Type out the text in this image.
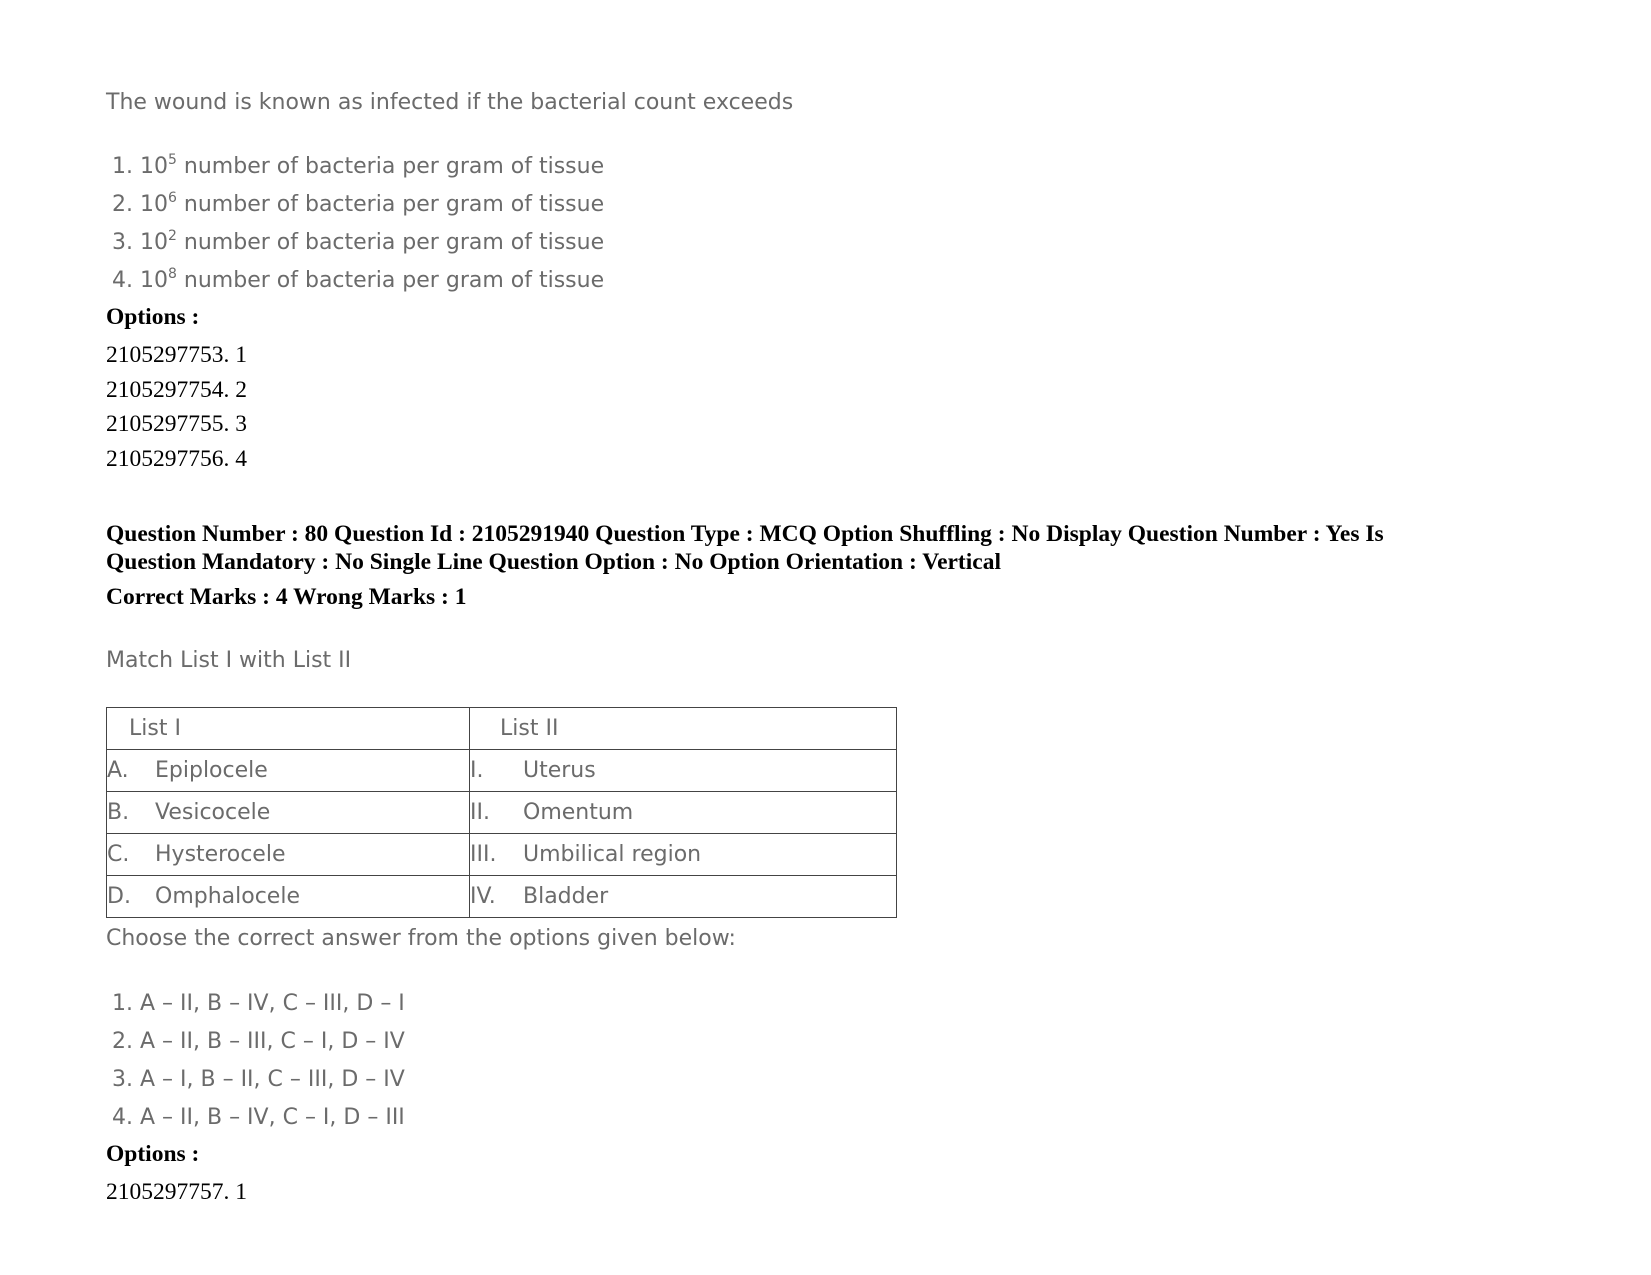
The wound is known as infected if the bacterial count exceeds
1. $10^5$ number of bacteria per gram of tissue
2. $10^6$ number of bacteria per gram of tissue
3. $10^2$ number of bacteria per gram of tissue
4. $10^8$ number of bacteria per gram of tissue
Options :
2105297753. 1
2105297754. 2
2105297755. 3
2105297756. 4
Question Number : 80 Question Id : 2105291940 Question Type : MCQ Option Shuffling : No Display Question Number : Yes Is
Question Mandatory : No Single Line Question Option : No Option Orientation : Vertical
Correct Marks : 4 Wrong Marks : 1
Match List I with List II
List I	List II
A. Epiplocele	I. Uterus
B. Vesicocele	II. Omentum
C. Hysterocele	III. Umbilical region
D. Omphalocele	IV. Bladder
Choose the correct answer from the options given below:
1. A – II, B – IV, C – III, D – I
2. A – II, B – III, C – I, D – IV
3. A – I, B – II, C – III, D – IV
4. A – II, B – IV, C – I, D – III
Options :
2105297757. 1
